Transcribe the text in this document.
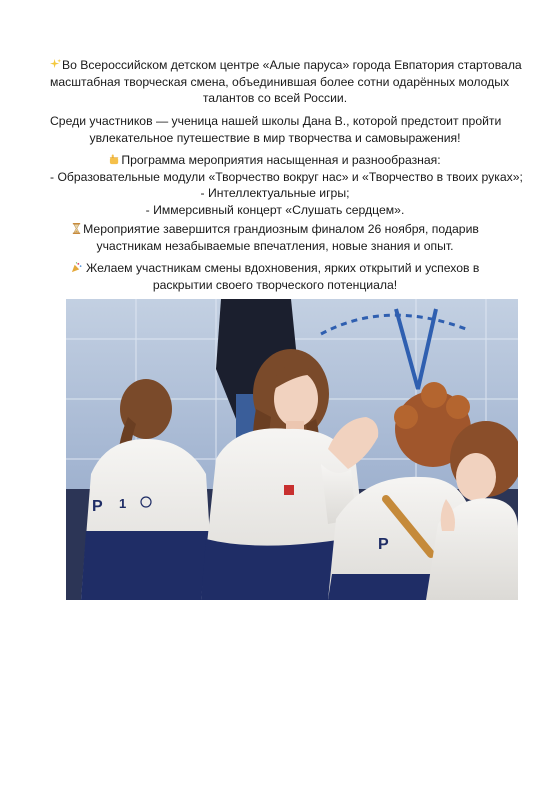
Во Всероссийском детском центре «Алые паруса» города Евпатория стартовала
масштабная творческая смена, объединившая более сотни одарённых молодых
талантов со всей России.
Среди участников — ученица нашей школы Дана В., которой предстоит пройти
увлекательное путешествие в мир творчества и самовыражения!
Программа мероприятия насыщенная и разнообразная:
- Образовательные модули «Творчество вокруг нас» и «Творчество в твоих руках»;
- Интеллектуальные игры;
- Иммерсивный концерт «Слушать сердцем».
Мероприятие завершится грандиозным финалом 26 ноября, подарив
участникам незабываемые впечатления, новые знания и опыт.
Желаем участникам смены вдохновения, ярких открытий и успехов в
раскрытии своего творческого потенциала!
P 1
P
